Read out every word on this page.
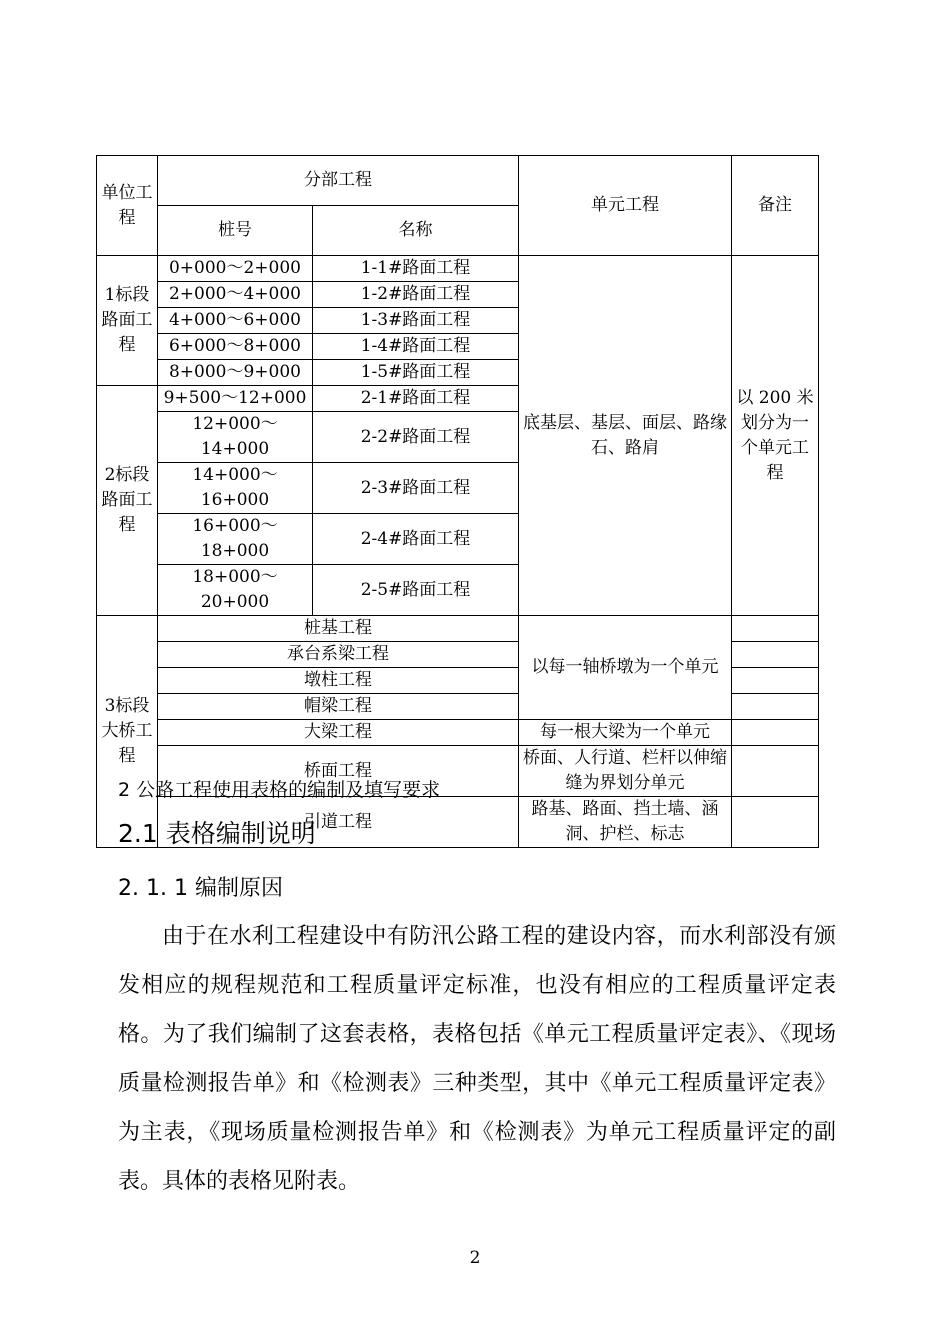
单位工程	分部工程		单元工程	备注
	桩号	名称		
1标段路面工程	0+000～2+000	1-1#路面工程	底基层、基层、面层、路缘石、路肩	以 200 米划分为一个单元工程
	2+000～4+000	1-2#路面工程		
	4+000～6+000	1-3#路面工程		
	6+000～8+000	1-4#路面工程		
	8+000～9+000	1-5#路面工程		
2标段路面工程	9+500～12+000	2-1#路面工程		
	12+000～14+000	2-2#路面工程		
	14+000～16+000	2-3#路面工程		
	16+000～18+000	2-4#路面工程		
	18+000～20+000	2-5#路面工程		
3标段大桥工程	桩基工程		以每一轴桥墩为一个单元	
	承台系梁工程			
	墩柱工程			
	帽梁工程			
	大梁工程		每一根大梁为一个单元	
	桥面工程		桥面、人行道、栏杆以伸缩缝为界划分单元	
	引道工程		路基、路面、挡土墙、涵洞、护栏、标志	
2 公路工程使用表格的编制及填写要求
2.1 表格编制说明
2. 1. 1 编制原因

由于在水利工程建设中有防汛公路工程的建设内容，而水利部没有颁发相应的规程规范和工程质量评定标准，也没有相应的工程质量评定表格。为了我们编制了这套表格，表格包括《单元工程质量评定表》、《现场质量检测报告单》和《检测表》三种类型，其中《单元工程质量评定表》为主表，《现场质量检测报告单》和《检测表》为单元工程质量评定的副表。具体的表格见附表。

2
